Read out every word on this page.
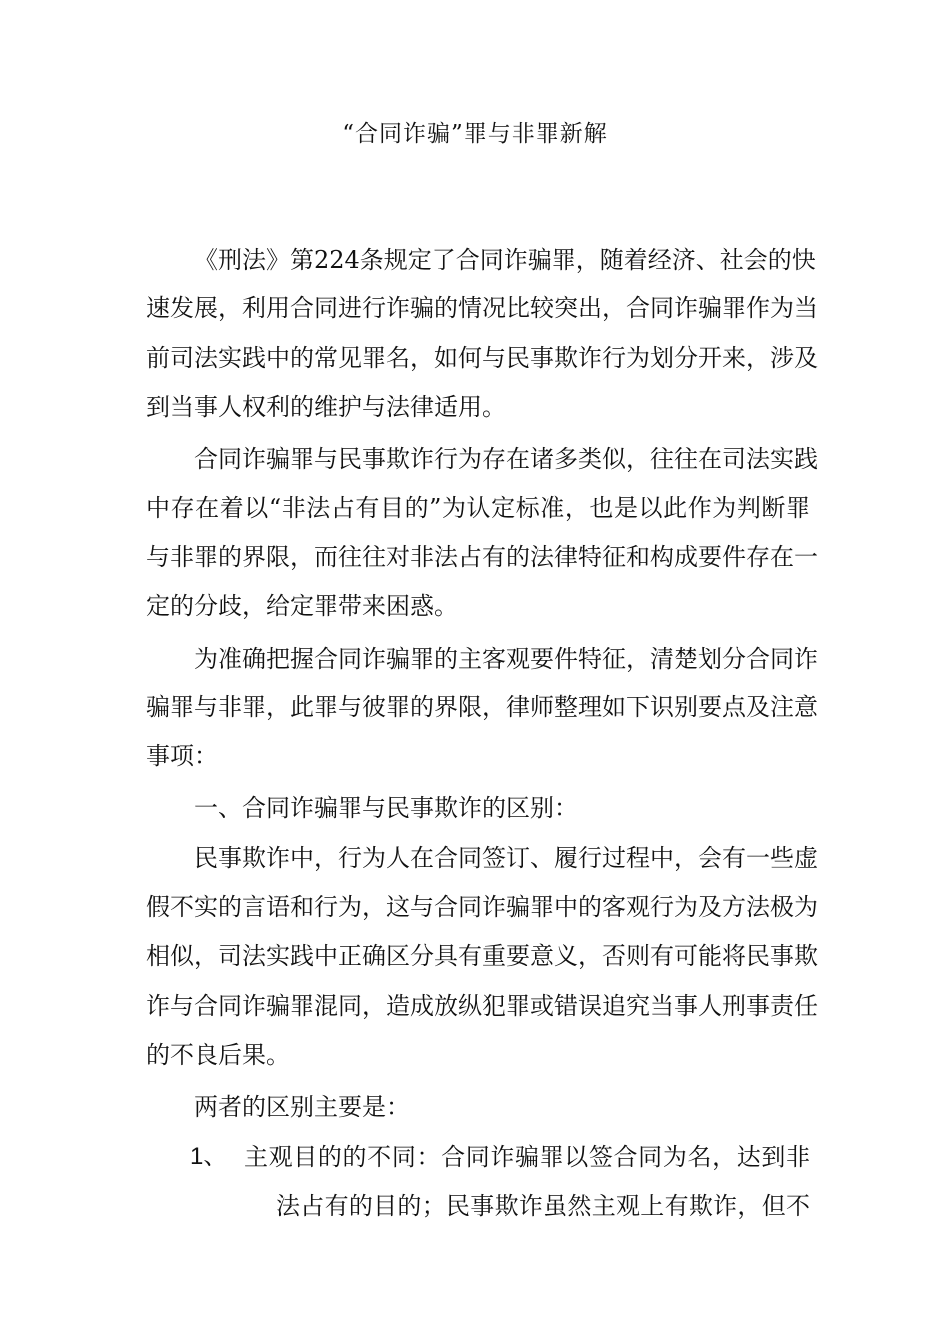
“合同诈骗”罪与非罪新解
《刑法》第224条规定了合同诈骗罪，随着经济、社会的快
速发展，利用合同进行诈骗的情况比较突出，合同诈骗罪作为当
前司法实践中的常见罪名，如何与民事欺诈行为划分开来，涉及
到当事人权利的维护与法律适用。
合同诈骗罪与民事欺诈行为存在诸多类似，往往在司法实践
中存在着以“非法占有目的”为认定标准，也是以此作为判断罪
与非罪的界限，而往往对非法占有的法律特征和构成要件存在一
定的分歧，给定罪带来困惑。
为准确把握合同诈骗罪的主客观要件特征，清楚划分合同诈
骗罪与非罪，此罪与彼罪的界限，律师整理如下识别要点及注意
事项：
一、合同诈骗罪与民事欺诈的区别：
民事欺诈中，行为人在合同签订、履行过程中，会有一些虚
假不实的言语和行为，这与合同诈骗罪中的客观行为及方法极为
相似，司法实践中正确区分具有重要意义，否则有可能将民事欺
诈与合同诈骗罪混同，造成放纵犯罪或错误追究当事人刑事责任
的不良后果。
两者的区别主要是：
1、 主观目的的不同：合同诈骗罪以签合同为名，达到非
法占有的目的；民事欺诈虽然主观上有欺诈，但不
